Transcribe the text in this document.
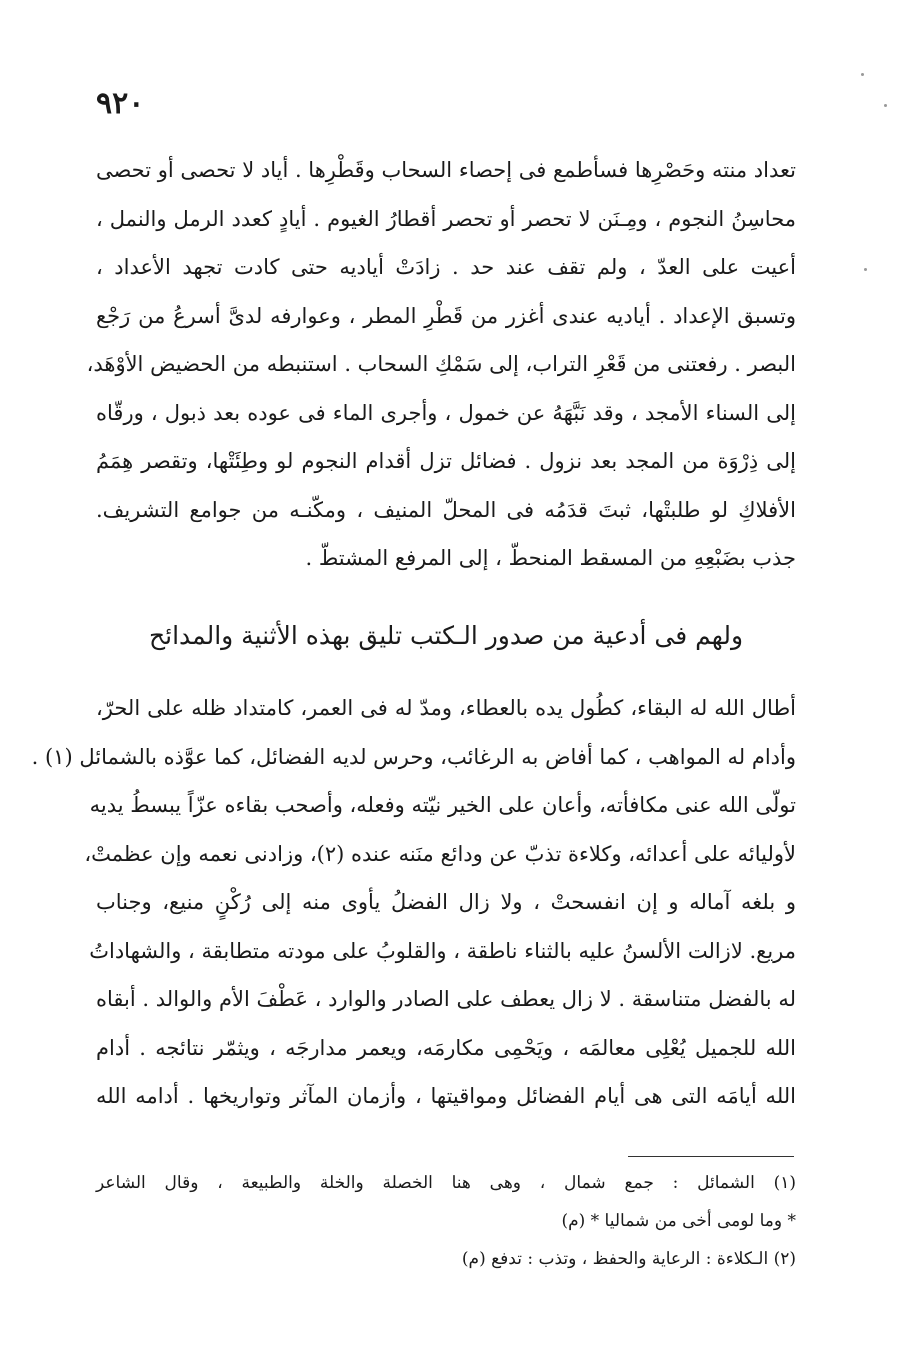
٩٢٠
تعداد منته وحَصْرِها فسأطمع فى إحصاء السحاب وقَطْرِها . أياد لا تحصى أو تحصى
محاسِنُ النجوم ، ومِـنَن لا تحصر أو تحصر أقطارُ الغيوم . أيادٍ كعدد الرمل والنمل ،
أعيت على العدّ ، ولم تقف عند حد . زادَتْ أياديه حتى كادت تجهد الأعداد ،
وتسبق الإعداد . أياديه عندى أغزر من قَطْرِ المطر ، وعوارفه لدىَّ أسرعُ من رَجْع
البصر . رفعتنى من قَعْرِ التراب، إلى سَمْكِ السحاب . استنبطه من الحضيض الأوْهَد،
إلى السناء الأمجد ، وقد نَبَّهَهُ عن خمول ، وأجرى الماء فى عوده بعد ذبول ، ورقّاه
إلى ذِرْوَة من المجد بعد نزول . فضائل تزل أقدام النجوم لو وطِئَتْها، وتقصر هِمَمُ
الأفلاكِ لو طلبتْها، ثبتَ قدَمُه فى المحلّ المنيف ، ومكّنـه من جوامع التشريف.
جذب بضَبْعِهِ من المسقط المنحطّ ، إلى المرفع المشتطّ .
ولهم فى أدعية من صدور الـكتب تليق بهذه الأثنية والمدائح
أطال الله له البقاء، كطُول يده بالعطاء، ومدّ له فى العمر، كامتداد ظله على الحرّ،
وأدام له المواهب ، كما أفاض به الرغائب، وحرس لديه الفضائل، كما عوَّذه بالشمائل (١) .
تولّى الله عنى مكافأته، وأعان على الخير نيّته وفعله، وأصحب بقاءه عزّاً يبسطُ يديه
لأوليائه على أعدائه، وكلاءة تذبّ عن ودائع منَنه عنده (٢)، وزادنى نعمه وإن عظمتْ،
و بلغه آماله و إن انفسحتْ ، ولا زال الفضلُ يأوى منه إلى رُكْنٍ منيع، وجناب
مريع. لازالت الألسنُ عليه بالثناء ناطقة ، والقلوبُ على مودته متطابقة ، والشهاداتُ
له بالفضل متناسقة . لا زال يعطف على الصادر والوارد ، عَطْفَ الأم والوالد . أبقاه
الله للجميل يُعْلِى معالمَه ، ويَحْمِى مكارمَه، ويعمر مدارجَه ، ويثمّر نتائجه . أدام
الله أيامَه التى هى أيام الفضائل ومواقيتها ، وأزمان المآثر وتواريخها . أدامه الله
(١) الشمائل : جمع شمال ، وهى هنا الخصلة والخلة والطبيعة ، وقال الشاعر
* وما لومى أخى من شماليا * (م)
(٢) الـكلاءة : الرعاية والحفظ ، وتذب : تدفع (م)
